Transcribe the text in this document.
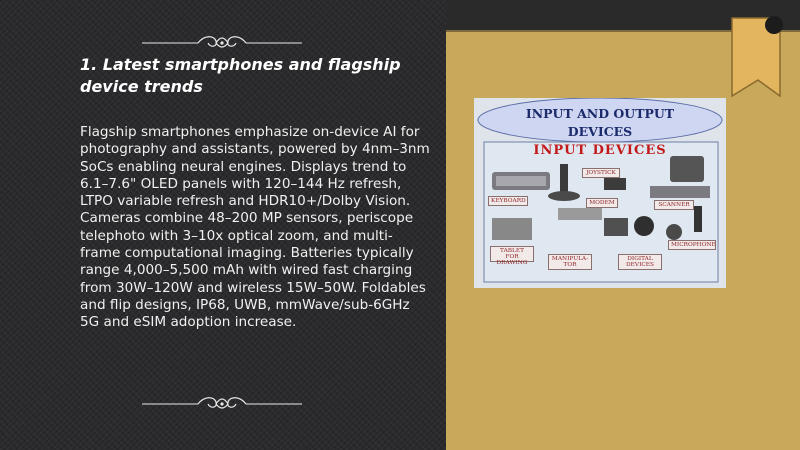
1. Latest smartphones and flagship device trends
Flagship smartphones emphasize on-device AI for photography and assistants, powered by 4nm–3nm SoCs enabling neural engines. Displays trend to 6.1–7.6" OLED panels with 120–144 Hz refresh, LTPO variable refresh and HDR10+/Dolby Vision. Cameras combine 48–200 MP sensors, periscope telephoto with 3–10x optical zoom, and multi-frame computational imaging. Batteries typically range 4,000–5,500 mAh with wired fast charging from 30W–120W and wireless 15W–50W. Foldables and flip designs, IP68, UWB, mmWave/sub-6GHz 5G and eSIM adoption increase.
INPUT AND OUTPUT
DEVICES
INPUT DEVICES
KEYBOARD
JOYSTICK
MODEM	SCANNER
TABLET FOR DRAWING
MANIPULA-TOR
DIGITAL DEVICES
MICROPHONE
